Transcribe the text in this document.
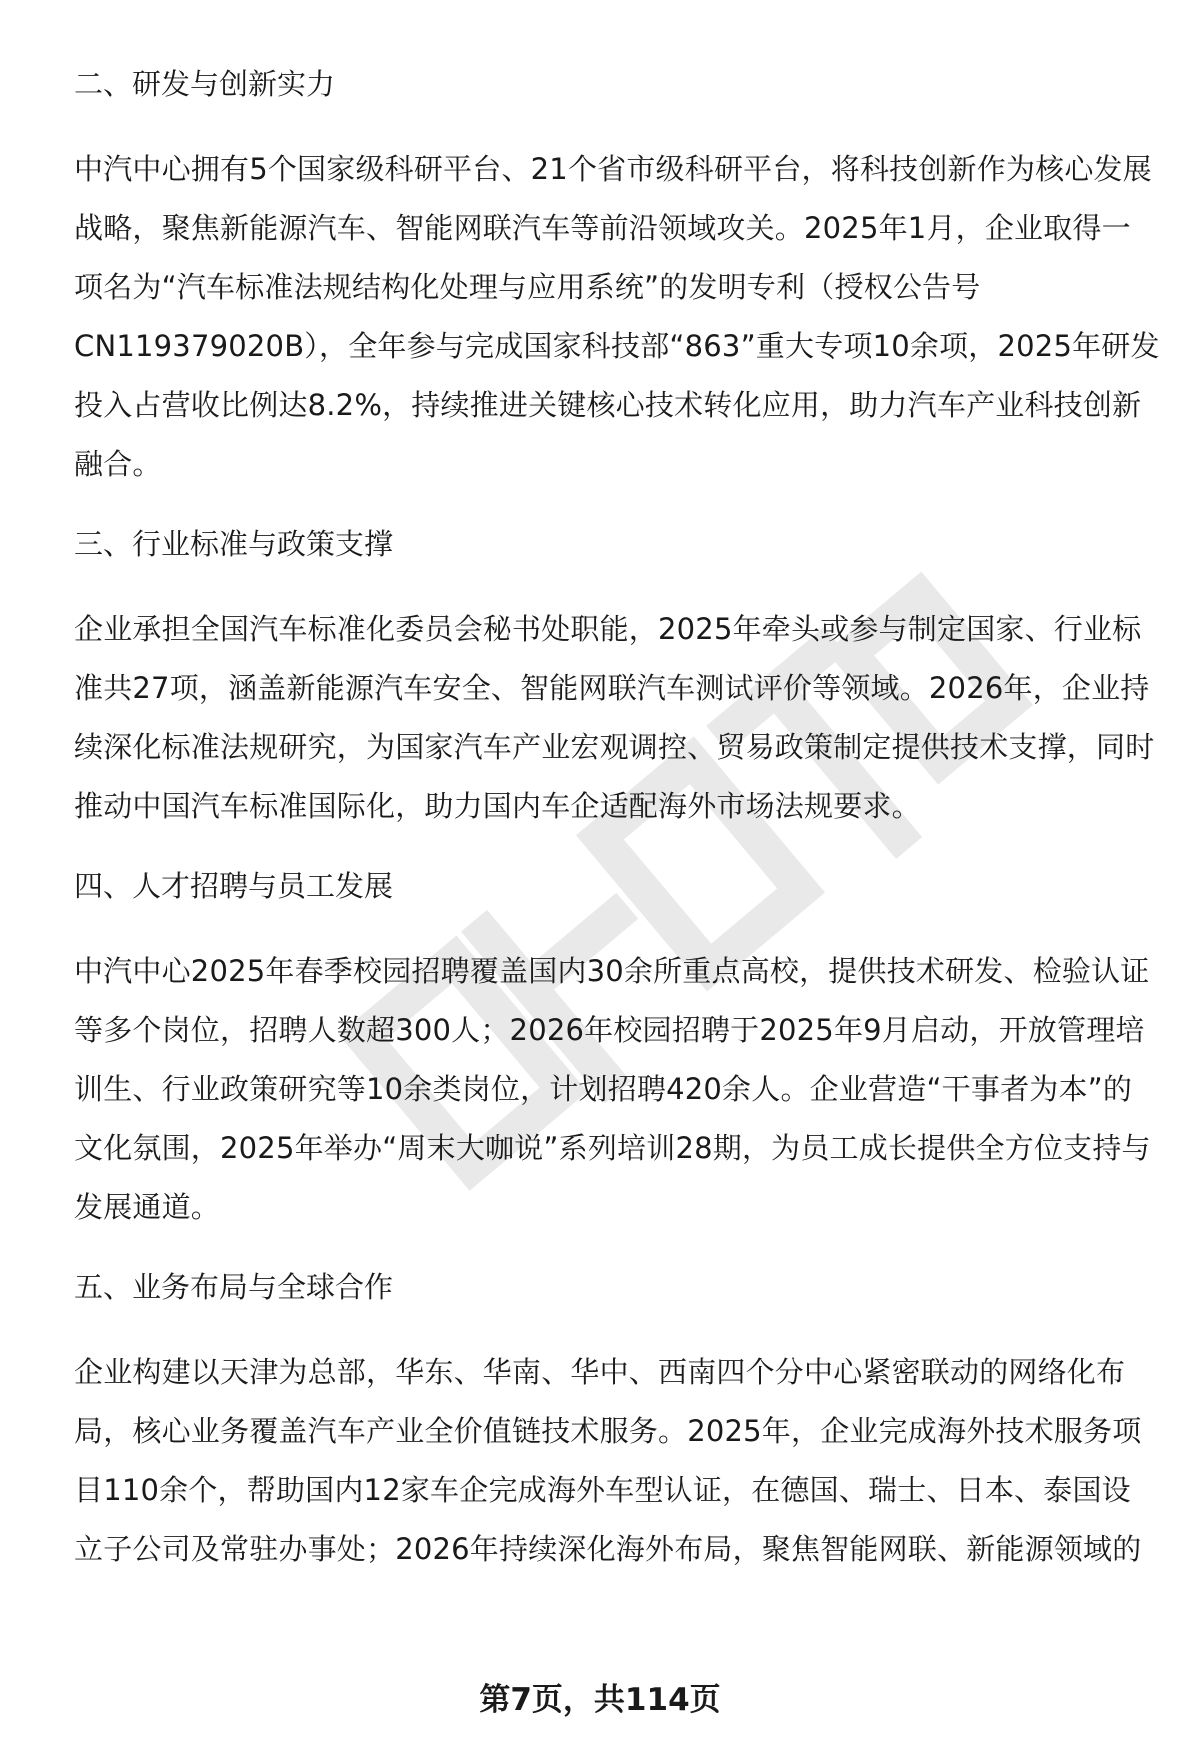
二、研发与创新实力

中汽中心拥有5个国家级科研平台、21个省市级科研平台，将科技创新作为核心发展战略，聚焦新能源汽车、智能网联汽车等前沿领域攻关。2025年1月，企业取得一项名为“汽车标准法规结构化处理与应用系统”的发明专利（授权公告号CN119379020B），全年参与完成国家科技部“863”重大专项10余项，2025年研发投入占营收比例达8.2%，持续推进关键核心技术转化应用，助力汽车产业科技创新融合。

三、行业标准与政策支撑

企业承担全国汽车标准化委员会秘书处职能，2025年牵头或参与制定国家、行业标准共27项，涵盖新能源汽车安全、智能网联汽车测试评价等领域。2026年，企业持续深化标准法规研究，为国家汽车产业宏观调控、贸易政策制定提供技术支撑，同时推动中国汽车标准国际化，助力国内车企适配海外市场法规要求。

四、人才招聘与员工发展

中汽中心2025年春季校园招聘覆盖国内30余所重点高校，提供技术研发、检验认证等多个岗位，招聘人数超300人；2026年校园招聘于2025年9月启动，开放管理培训生、行业政策研究等10余类岗位，计划招聘420余人。企业营造“干事者为本”的文化氛围，2025年举办“周末大咖说”系列培训28期，为员工成长提供全方位支持与发展通道。

五、业务布局与全球合作

企业构建以天津为总部，华东、华南、华中、西南四个分中心紧密联动的网络化布局，核心业务覆盖汽车产业全价值链技术服务。2025年，企业完成海外技术服务项目110余个，帮助国内12家车企完成海外车型认证，在德国、瑞士、日本、泰国设立子公司及常驻办事处；2026年持续深化海外布局，聚焦智能网联、新能源领域的

第7页，共114页
